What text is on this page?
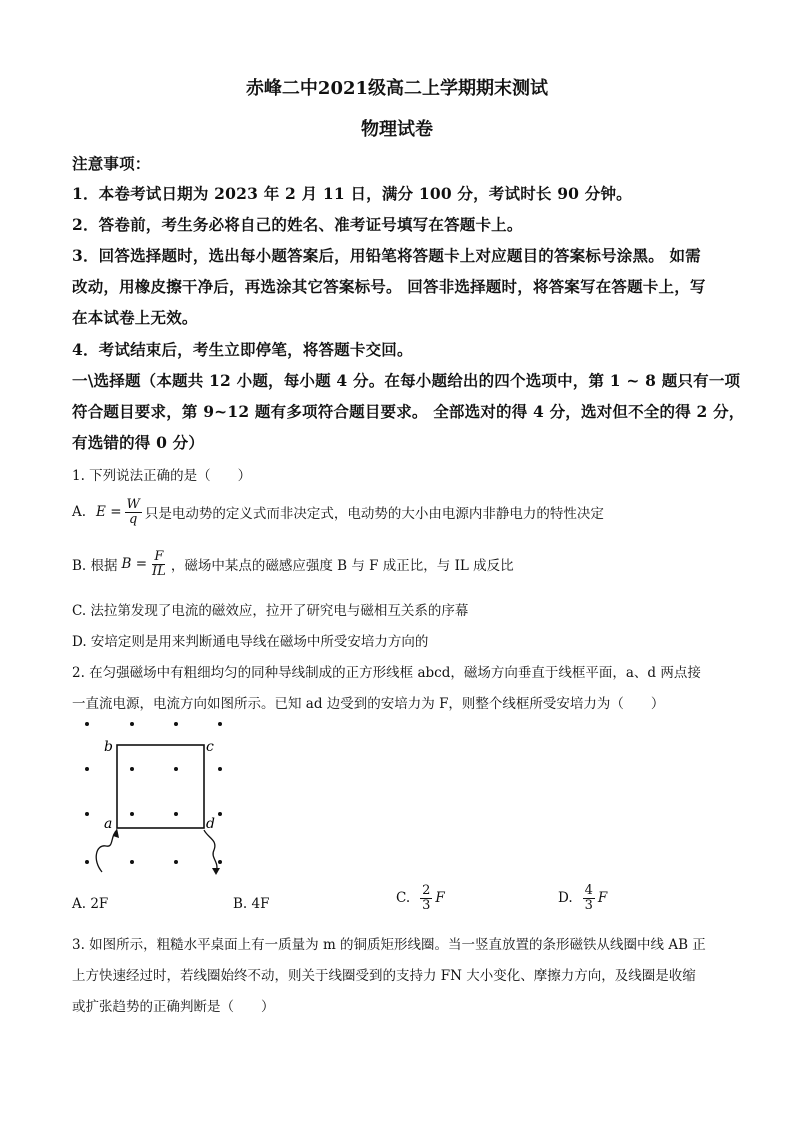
赤峰二中2021级高二上学期期末测试
物理试卷
注意事项：
1．本卷考试日期为 2023 年 2 月 11 日，满分 100 分，考试时长 90 分钟。
2．答卷前，考生务必将自己的姓名、准考证号填写在答题卡上。
3．回答选择题时，选出每小题答案后，用铅笔将答题卡上对应题目的答案标号涂黑。 如需
改动，用橡皮擦干净后，再选涂其它答案标号。 回答非选择题时，将答案写在答题卡上，写
在本试卷上无效。
4．考试结束后，考生立即停笔，将答题卡交回。
一\选择题（本题共 12 小题，每小题 4 分。在每小题给出的四个选项中，第 1 ~ 8 题只有一项
符合题目要求，第 9~12 题有多项符合题目要求。 全部选对的得 4 分，选对但不全的得 2 分，
有选错的得 0 分）
1. 下列说法正确的是（　　）
A. $E = \frac{W}{q}$ 只是电动势的定义式而非决定式，电动势的大小由电源内非静电力的特性决定
B. 根据 $B = \frac{F}{IL}$ ，磁场中某点的磁感应强度 B 与 F 成正比，与 IL 成反比
C. 法拉第发现了电流的磁效应，拉开了研究电与磁相互关系的序幕
D. 安培定则是用来判断通电导线在磁场中所受安培力方向的
2. 在匀强磁场中有粗细均匀的同种导线制成的正方形线框 abcd，磁场方向垂直于线框平面，a、d 两点接
一直流电源，电流方向如图所示。已知 ad 边受到的安培力为 F，则整个线框所受安培力为（　　）
b	c
a	d
A. 2F	B. 4F	C. $\frac{2}{3}$ F	D. $\frac{4}{3}$ F
3. 如图所示，粗糙水平桌面上有一质量为 m 的铜质矩形线圈。当一竖直放置的条形磁铁从线圈中线 AB 正
上方快速经过时，若线圈始终不动，则关于线圈受到的支持力 FN 大小变化、摩擦力方向，及线圈是收缩
或扩张趋势的正确判断是（　　）
